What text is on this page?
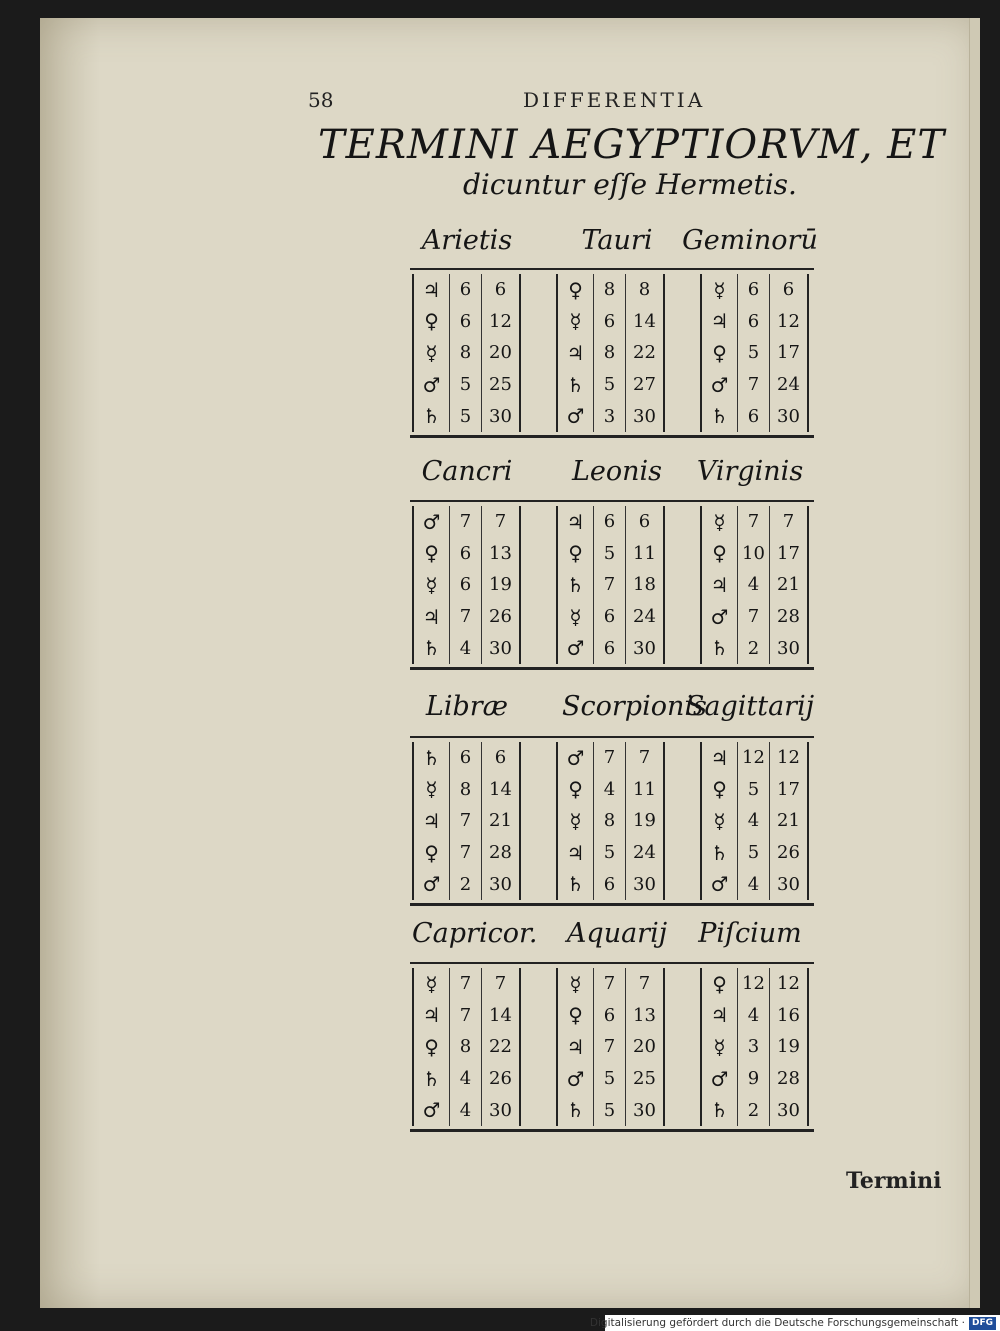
58	DIFFERENTIA
TERMINI AEGYPTIORVM, ET
dicuntur eſſe Hermetis.
Arietis	Tauri	Geminorū
♃	6	6
♀	6 12
☿	8 20
♂	5 25
♄	5 30
♀	8	8
☿	6 14
♃	8 22
♄	5 27
♂	3 30
☿	6	6
♃	6 12
♀	5 17
♂	7 24
♄	6 30
Cancri	Leonis	Virginis
♂	7	7
♀	6 13
☿	6 19
♃	7 26
♄	4 30
♃	6	6
♀	5 11
♄	7 18
☿	6 24
♂	6 30
☿	7	7
♀ 10 17
♃	4 21
♂	7 28
♄	2 30
Libræ	Scorpionis
Sagittarij
♄	6	6
☿	8 14
♃	7 21
♀	7 28
♂	2 30
♂	7	7
♀	4 11
☿	8 19
♃	5 24
♄	6 30
♃ 12 12
♀	5 17
☿	4 21
♄	5 26
♂	4 30
Capricor. Aquarij	Piſcium
☿	7	7
♃	7 14
♀	8 22
♄	4 26
♂	4 30
☿	7	7
♀	6 13
♃	7 20
♂	5 25
♄	5 30
♀ 12 12
♃	4 16
☿	3 19
♂	9 28
♄	2 30
Termini
Digitalisierung gefördert durch die Deutsche Forschungsgemeinschaft · DFG
